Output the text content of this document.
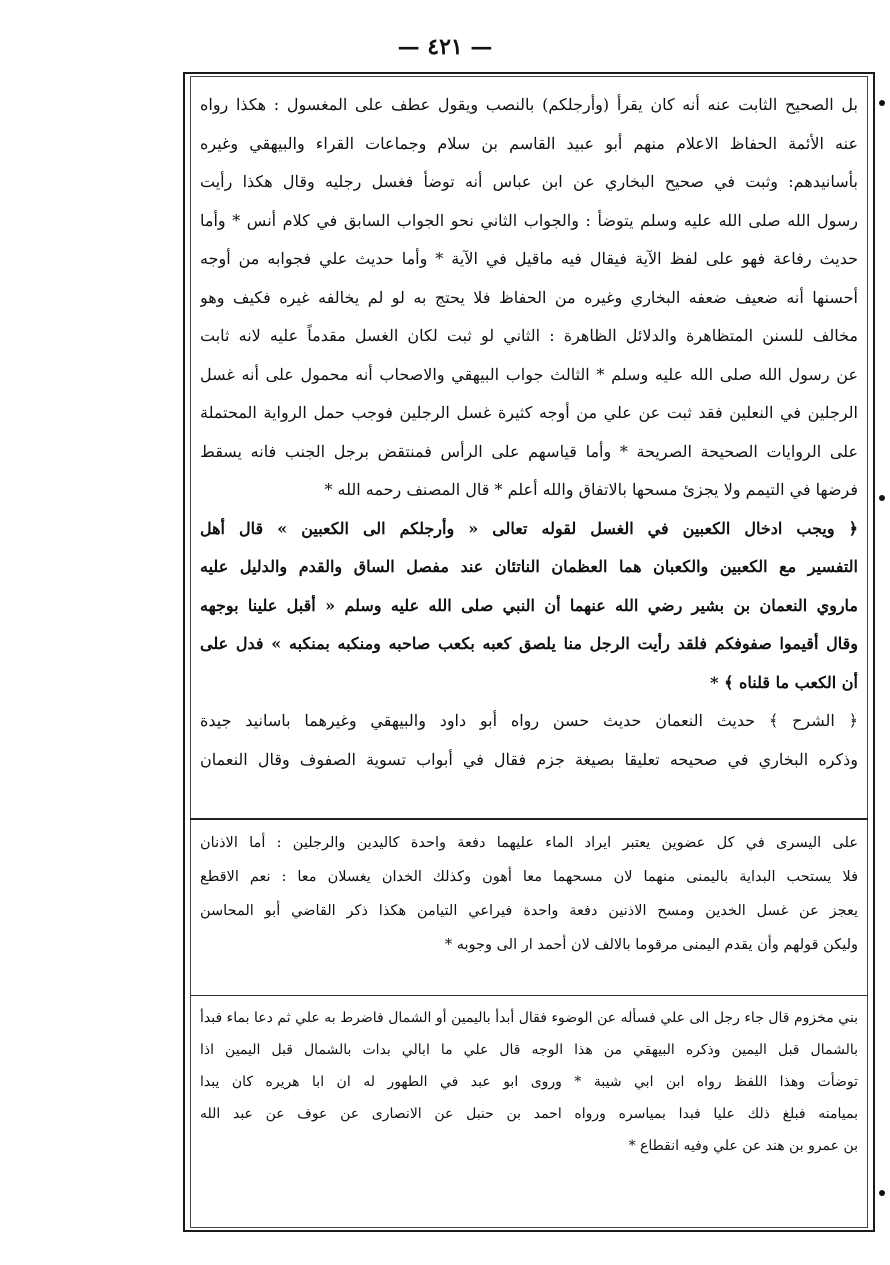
— ٤٢١ —
بل الصحيح الثابت عنه أنه كان يقرأ (وأرجلكم) بالنصب ويقول عطف على المغسول : هكذا رواه
عنه الأئمة الحفاظ الاعلام منهم أبو عبيد القاسم بن سلام وجماعات القراء والبيهقي وغيره
بأسانيدهم: وثبت في صحيح البخاري عن ابن عباس أنه توضأ فغسل رجليه وقال هكذا رأيت
رسول الله صلى الله عليه وسلم يتوضأ : والجواب الثاني نحو الجواب السابق في كلام أنس * وأما
حديث رفاعة فهو على لفظ الآية فيقال فيه ماقيل في الآية * وأما حديث علي فجوابه من أوجه
أحسنها أنه ضعيف ضعفه البخاري وغيره من الحفاظ فلا يحتج به لو لم يخالفه غيره فكيف وهو
مخالف للسنن المتظاهرة والدلائل الظاهرة : الثاني لو ثبت لكان الغسل مقدماً عليه لانه ثابت
عن رسول الله صلى الله عليه وسلم * الثالث جواب البيهقي والاصحاب أنه محمول على أنه غسل
الرجلين في النعلين فقد ثبت عن علي من أوجه كثيرة غسل الرجلين فوجب حمل الرواية المحتملة
على الروايات الصحيحة الصريحة * وأما قياسهم على الرأس فمنتقض برجل الجنب فانه يسقط
فرضها في التيمم ولا يجزئ مسحها بالاتفاق والله أعلم * قال المصنف رحمه الله *
﴿ ويجب ادخال الكعبين في الغسل لقوله تعالى « وأرجلكم الى الكعبين » قال أهل
التفسير مع الكعبين والكعبان هما العظمان الناتئان عند مفصل الساق والقدم والدليل عليه
ماروي النعمان بن بشير رضي الله عنهما أن النبي صلى الله عليه وسلم « أقبل علينا بوجهه
وقال أقيموا صفوفكم فلقد رأيت الرجل منا يلصق كعبه بكعب صاحبه ومنكبه بمنكبه » فدل على
أن الكعب ما قلناه ﴾ *
﴿ الشرح ﴾ حديث النعمان حديث حسن رواه أبو داود والبيهقي وغيرهما باسانيد جيدة
وذكره البخاري في صحيحه تعليقا بصيغة جزم فقال في أبواب تسوية الصفوف وقال النعمان
على اليسرى في كل عضوين يعتبر ايراد الماء عليهما دفعة واحدة كاليدين والرجلين : أما الاذنان
فلا يستحب البداية باليمنى منهما لان مسحهما معا أهون وكذلك الخدان يغسلان معا : نعم الاقطع
يعجز عن غسل الخدين ومسح الاذنين دفعة واحدة فيراعي التيامن هكذا ذكر القاضي أبو المحاسن
وليكن قولهم وأن يقدم اليمنى مرقوما بالالف لان أحمد ار الى وجوبه *
بني مخزوم قال جاء رجل الى علي فسأله عن الوضوء فقال أبدأ باليمين أو الشمال فاضرط به علي ثم دعا بماء فبدأ
بالشمال قبل اليمين وذكره البيهقي من هذا الوجه قال علي ما ابالي بدات بالشمال قبل اليمين اذا
توضأت وهذا اللفظ رواه ابن ابي شيبة * وروى ابو عبد في الطهور له ان ابا هريره كان يبدا
بميامنه فبلغ ذلك عليا فبدا بمياسره ورواه احمد بن حنبل عن الانصارى عن عوف عن عبد الله
بن عمرو بن هند عن علي وفيه انقطاع *
